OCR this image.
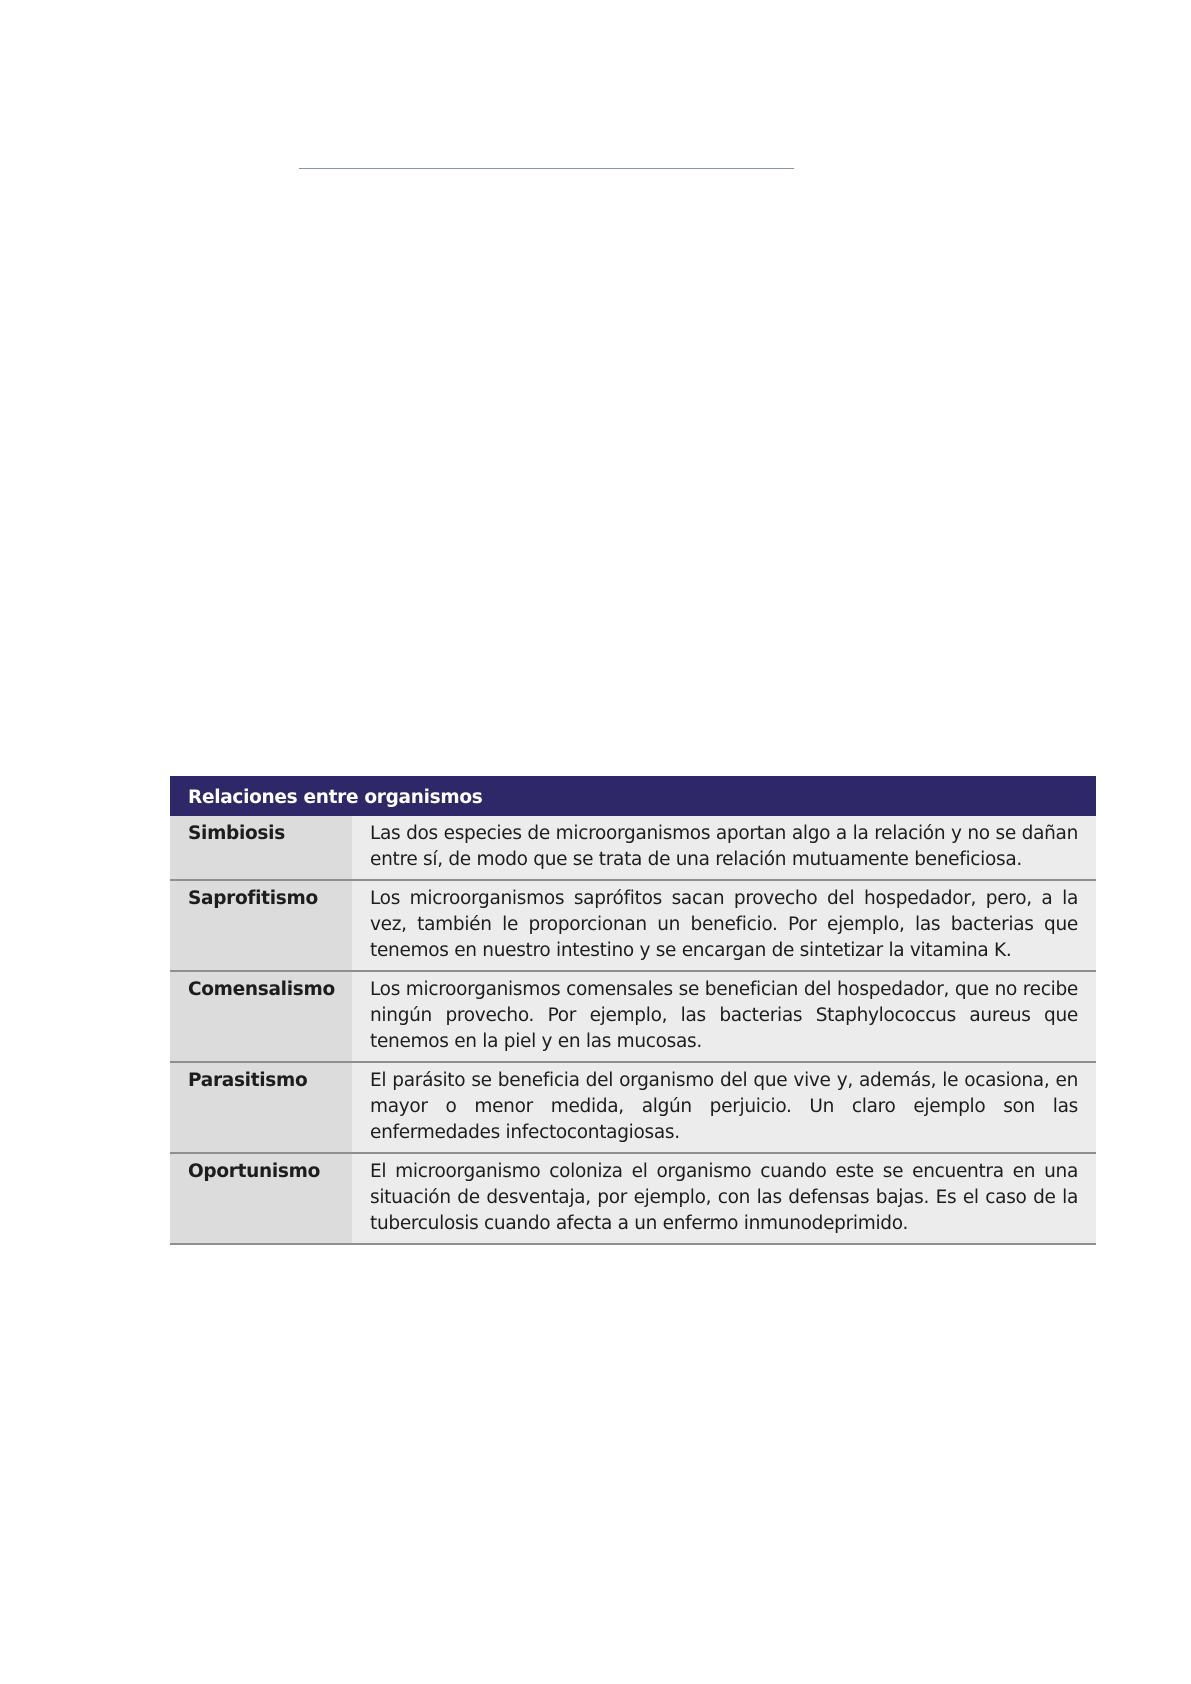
Relaciones entre organismos	
Simbiosis	Las dos especies de microorganismos aportan algo a la relación y no se dañan entre sí, de modo que se trata de una relación mutuamente beneficiosa.
Saprofitismo	Los microorganismos saprófitos sacan provecho del hospedador, pero, a la vez, también le proporcionan un beneficio. Por ejemplo, las bacterias que tenemos en nuestro intestino y se encargan de sintetizar la vitamina K.
Comensalismo	Los microorganismos comensales se benefician del hospedador, que no recibe ningún provecho. Por ejemplo, las bacterias Staphylococcus aureus que tenemos en la piel y en las mucosas.
Parasitismo	El parásito se beneficia del organismo del que vive y, además, le ocasiona, en mayor o menor medida, algún perjuicio. Un claro ejemplo son las enfermedades infectocontagiosas.
Oportunismo	El microorganismo coloniza el organismo cuando este se encuentra en una situación de desventaja, por ejemplo, con las defensas bajas. Es el caso de la tuberculosis cuando afecta a un enfermo inmunodeprimido.
